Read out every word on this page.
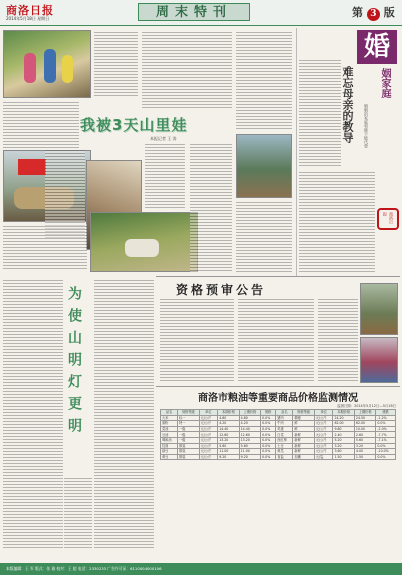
商洛日报
2014年5月18日 星期日	周末特刊	第 3 版
我被3天山里娃
本报记者 王 涛
婚
姻家庭
婚姻的家庭和睦不能代替
难忘母亲的教导
商洛日报
为使山明灯更明	资格预审公告
商洛市粮油等重要商品价格监测情况
监测日期：2014年5月12日—5月18日
品名	规格等级	单位	本期价格	上期价格	涨跌	品名	规格等级	单位	本期价格	上期价格	涨跌
大米	标一	元/公斤	4.80	4.80	0.0%	猪肉	精瘦	元/公斤	24.20	24.50	-1.2%
面粉	特一	元/公斤	4.20	4.20	0.0%	牛肉	鲜	元/公斤	62.00	62.00	0.0%
菜油	一级	元/公斤	14.40	14.40	0.0%	鸡蛋	鲜	元/公斤	9.80	10.00	-2.0%
豆油	一级	元/公斤	12.60	12.60	0.0%	白菜	新鲜	元/公斤	2.40	2.60	-7.7%
调和油	一级	元/公斤	13.20	13.20	0.0%	西红柿	新鲜	元/公斤	5.20	5.60	-7.1%
挂面	散装	元/公斤	5.60	5.60	0.0%	土豆	新鲜	元/公斤	3.20	3.20	0.0%
绿豆	散装	元/公斤	11.00	11.00	0.0%	黄瓜	新鲜	元/公斤	3.60	4.00	-10.0%
黄豆	散装	元/公斤	9.20	9.20	0.0%	食盐	加碘	元/袋	1.50	1.50	0.0%
本版编辑：王 军 版式：张 瑜 校对：王 超 电话：2330233 广告许可证：6110004000106
